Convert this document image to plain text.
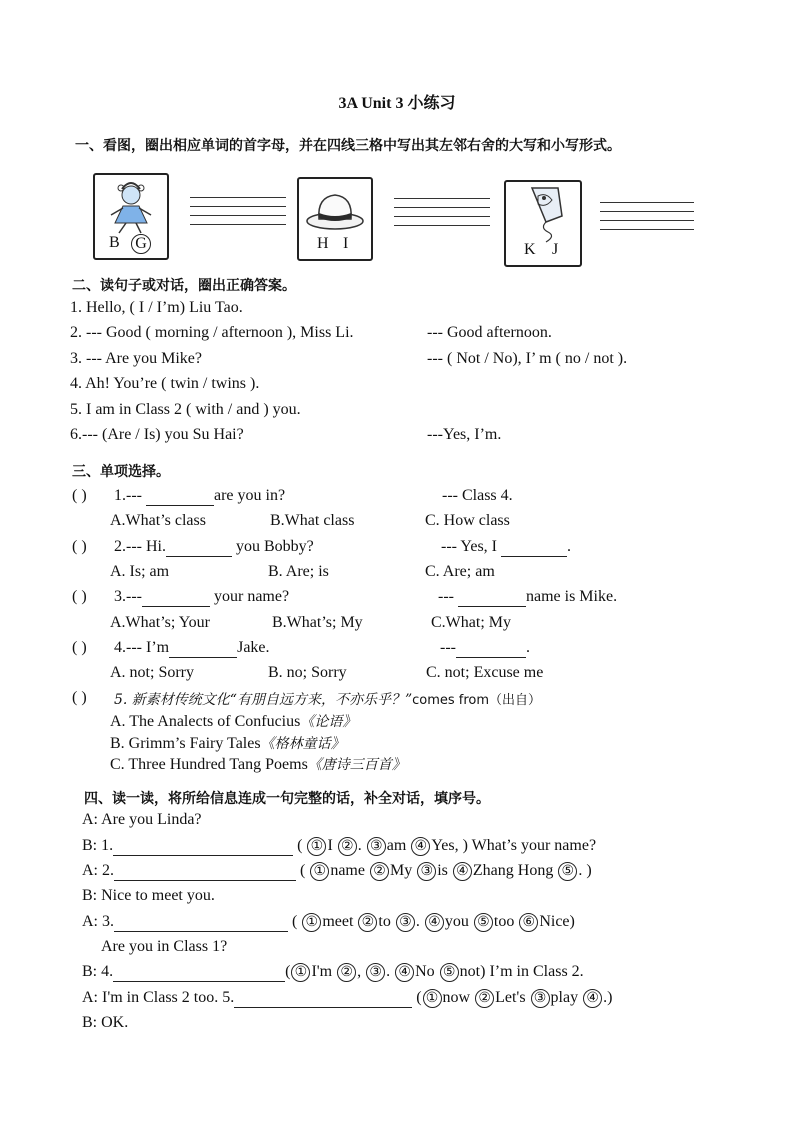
3A Unit 3 小练习
一、看图，圈出相应单词的首字母，并在四线三格中写出其左邻右舍的大写和小写形式。
B G	H I	K J
二、读句子或对话，圈出正确答案。
1. Hello, ( I / I’m) Liu Tao.
2. --- Good ( morning / afternoon ), Miss Li.	--- Good afternoon.
3. --- Are you Mike?	--- ( Not / No), I’ m ( no / not ).
4. Ah! You’re ( twin / twins ).
5. I am in Class 2 ( with / and ) you.
6.--- (Are / Is) you Su Hai?	---Yes, I’m.
三、单项选择。
( ) 1.---	are you in?	--- Class 4.
A.What’s class	B.What class	C. How class
( ) 2.--- Hi.	you Bobby?	--- Yes, I	.
A. Is; am	B. Are; is	C. Are; am
( ) 3.---	your name?	---	name is Mike.
A.What’s; Your	B.What’s; My	C.What; My
( ) 4.--- I’m	Jake.	---	.
A. not; Sorry	B. no; Sorry	C. not; Excuse me
( ) 5. 新素材传统文化“有朋自远方来，不亦乐乎？”comes from（出自）
A. The Analects of Confucius《论语》
B. Grimm’s Fairy Tales《格林童话》
C. Three Hundred Tang Poems《唐诗三百首》
四、读一读，将所给信息连成一句完整的话，补全对话，填序号。
A: Are you Linda?
B: 1.	( ① I ② . ③ am ④ Yes, ) What’s your name?
A: 2.	( ① name ② My ③ is ④ Zhang Hong ⑤ . )
B: Nice to meet you.
A: 3.	( ① meet ② to ③ . ④ you ⑤ too ⑥ Nice)
Are you in Class 1?
B: 4.	( ① I'm ② , ③ . ④ No ⑤ not) I’m in Class 2.
A: I'm in Class 2 too. 5.	( ① now ② Let's ③ play ④ .)
B: OK.
